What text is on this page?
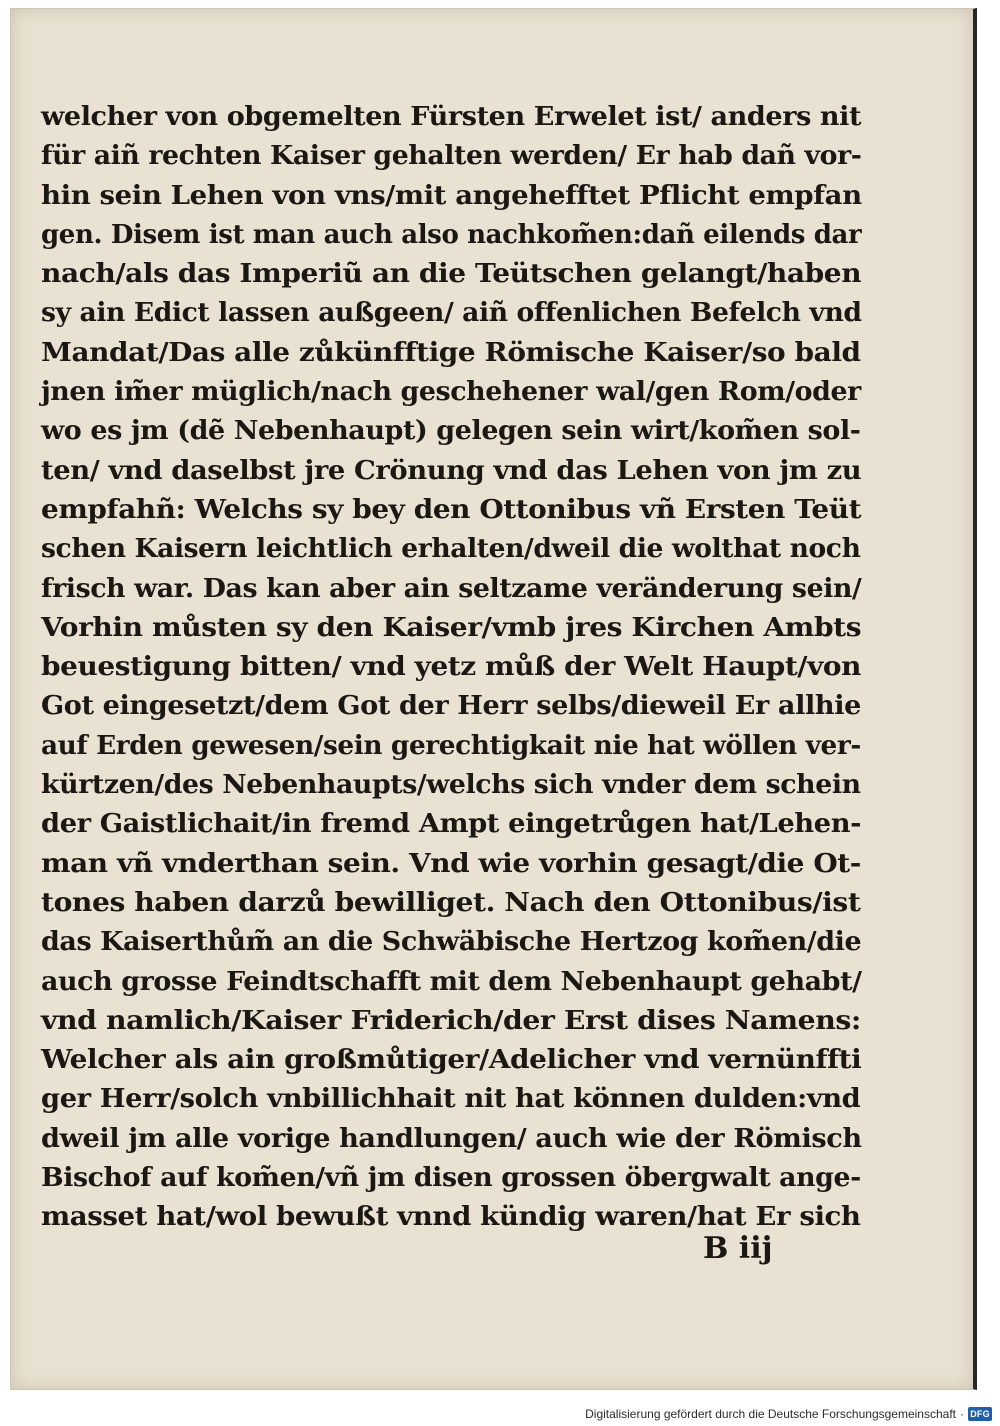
welcher von obgemelten Fürsten Erwelet ist/ anders nit
für aiñ rechten Kaiser gehalten werden/ Er hab dañ vor-
hin sein Lehen von vns/mit angehefftet Pflicht empfan
gen. Disem ist man auch also nachkom̃en:dañ eilends dar
nach/als das Imperiũ an die Teütschen gelangt/haben
sy ain Edict lassen außgeen/ aiñ offenlichen Befelch vnd
Mandat/Das alle zůkünfftige Römische Kaiser/so bald
jnen im̃er müglich/nach geschehener wal/gen Rom/oder
wo es jm (dẽ Nebenhaupt) gelegen sein wirt/kom̃en sol-
ten/ vnd daselbst jre Crönung vnd das Lehen von jm zu
empfahñ: Welchs sy bey den Ottonibus vñ Ersten Teüt
schen Kaisern leichtlich erhalten/dweil die wolthat noch
frisch war. Das kan aber ain seltzame veränderung sein/
Vorhin můsten sy den Kaiser/vmb jres Kirchen Ambts
beuestigung bitten/ vnd yetz můß der Welt Haupt/von
Got eingesetzt/dem Got der Herr selbs/dieweil Er allhie
auf Erden gewesen/sein gerechtigkait nie hat wöllen ver-
kürtzen/des Nebenhaupts/welchs sich vnder dem schein
der Gaistlichait/in fremd Ampt eingetrůgen hat/Lehen-
man vñ vnderthan sein. Vnd wie vorhin gesagt/die Ot-
tones haben darzů bewilliget. Nach den Ottonibus/ist
das Kaiserthům̃ an die Schwäbische Hertzog kom̃en/die
auch grosse Feindtschafft mit dem Nebenhaupt gehabt/
vnd namlich/Kaiser Friderich/der Erst dises Namens:
Welcher als ain großmůtiger/Adelicher vnd vernünffti
ger Herr/solch vnbillichhait nit hat können dulden:vnd
dweil jm alle vorige handlungen/ auch wie der Römisch
Bischof auf kom̃en/vñ jm disen grossen öbergwalt ange-
masset hat/wol bewußt vnnd kündig waren/hat Er sich
B iij
Digitalisierung gefördert durch die Deutsche Forschungsgemeinschaft · DFG
